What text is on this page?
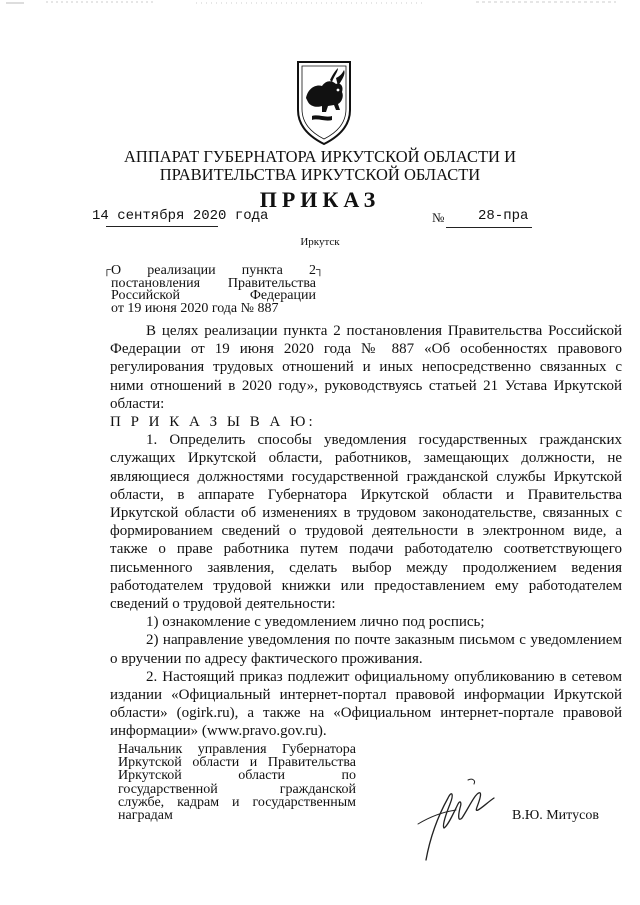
АППАРАТ ГУБЕРНАТОРА ИРКУТСКОЙ ОБЛАСТИ И
ПРАВИТЕЛЬСТВА ИРКУТСКОЙ ОБЛАСТИ
ПРИКАЗ
14 сентября 2020 года	№ 28-пра
Иркутск
┌	┐
О реализации пункта 2
постановления Правительства
Российской Федерации
от 19 июня 2020 года № 887

В целях реализации пункта 2 постановления Правительства Российской Федерации от 19 июня 2020 года № 887 «Об особенностях правового регулирования трудовых отношений и иных непосредственно связанных с ними отношений в 2020 году», руководствуясь статьей 21 Устава Иркутской области:

П Р И К А З Ы В А Ю:

1. Определить способы уведомления государственных гражданских служащих Иркутской области, работников, замещающих должности, не являющиеся должностями государственной гражданской службы Иркутской области, в аппарате Губернатора Иркутской области и Правительства Иркутской области об изменениях в трудовом законодательстве, связанных с формированием сведений о трудовой деятельности в электронном виде, а также о праве работника путем подачи работодателю соответствующего письменного заявления, сделать выбор между продолжением ведения работодателем трудовой книжки или предоставлением ему работодателем сведений о трудовой деятельности:

1) ознакомление с уведомлением лично под роспись;

2) направление уведомления по почте заказным письмом с уведомлением о вручении по адресу фактического проживания.

2. Настоящий приказ подлежит официальному опубликованию в сетевом издании «Официальный интернет-портал правовой информации Иркутской области» (ogirk.ru), а также на «Официальном интернет-портале правовой информации» (www.pravo.gov.ru).

Начальник управления Губернатора
Иркутской области и Правительства
Иркутской области по
государственной гражданской
службе, кадрам и государственным
наградам	В.Ю. Митусов
